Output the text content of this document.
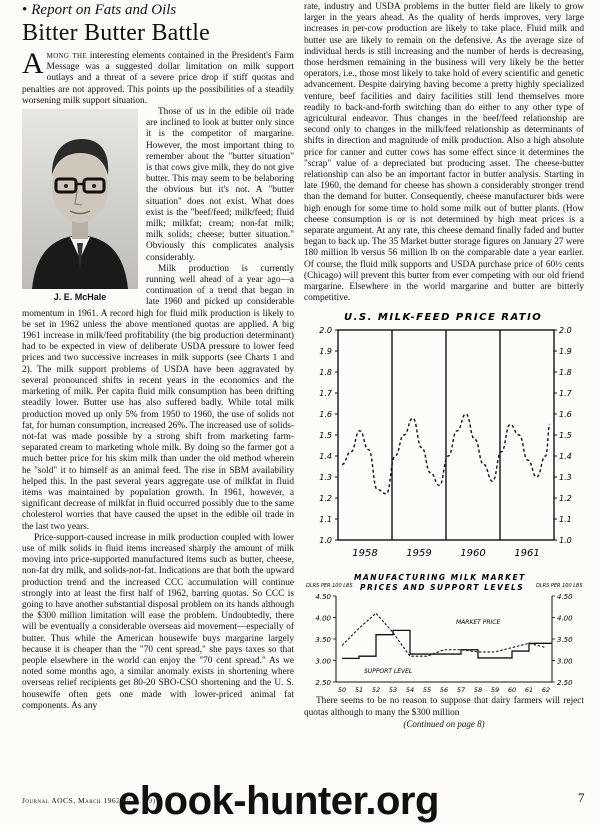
• Report on Fats and Oils
Bitter Butter Battle

Among the interesting elements contained in the President's Farm Message was a suggested dollar limitation on milk support outlays and a threat of a severe price drop if stiff quotas and penalties are not approved. This points up the possibilities of a steadily worsening milk support situation.

J. E. McHale

Those of us in the edible oil trade are inclined to look at butter only since it is the competitor of margarine. However, the most important thing to remember about the "butter situation" is that cows give milk, they do not give butter. This may seem to be belaboring the obvious but it's not. A "butter situation" does not exist. What does exist is the "beef/feed; milk/feed; fluid milk; milkfat; cream; non-fat milk; milk solids; cheese; butter situation." Obviously this complicates analysis considerably.

Milk production is currently running well ahead of a year ago—a continuation of a trend that began in late 1960 and picked up considerable momentum in 1961. A record high for fluid milk production is likely to be set in 1962 unless the above mentioned quotas are applied. A big 1961 increase in milk/feed profitability (the big production determinant) had to be expected in view of deliberate USDA pressure to lower feed prices and two successive increases in milk supports (see Charts 1 and 2). The milk support problems of USDA have been aggravated by several pronounced shifts in recent years in the economics and the marketing of milk. Per capita fluid milk consumption has been drifting steadily lower. Butter use has also suffered badly. While total milk production moved up only 5% from 1950 to 1960, the use of solids not fat, for human consumption, increased 26%. The increased use of solids-not-fat was made possible by a strong shift from marketing farm-separated cream to marketing whole milk. By doing so the farmer got a much better price for his skim milk than under the old method wherein he "sold" it to himself as an animal feed. The rise in SBM availability helped this. In the past several years aggregate use of milkfat in fluid items was maintained by population growth. In 1961, however, a significant decrease of milkfat in fluid occurred possibly due to the same cholesterol worries that have caused the upset in the edible oil trade in the last two years.

Price-support-caused increase in milk production coupled with lower use of milk solids in fluid items increased sharply the amount of milk moving into price-supported manufactured items such as butter, cheese, non-fat dry milk, and solids-not-fat. Indications are that both the upward production trend and the increased CCC accumulation will continue strongly into at least the first half of 1962, barring quotas. So CCC is going to have another substantial disposal problem on its hands although the $300 million limitation will ease the problem. Undoubtedly, there will be eventually a considerable overseas aid movement—especially of butter. Thus while the American housewife buys margarine largely because it is cheaper than the "70 cent spread," she pays taxes so that people elsewhere in the world can enjoy the "70 cent spread." As we noted some months ago, a similar anomaly exists in shortening where overseas relief recipients get 80-20 SBO-CSO shortening and the U. S. housewife often gets one made with lower-priced animal fat components. As any

rate, industry and USDA problems in the butter field are likely to grow larger in the years ahead. As the quality of herds improves, very large increases in per-cow production are likely to take place. Fluid milk and butter use are likely to remain on the defensive. As the average size of individual herds is still increasing and the number of herds is decreasing, those herdsmen remaining in the business will very likely be the better operators, i.e., those most likely to take hold of every scientific and genetic advancement. Despite dairying having become a pretty highly specialized venture, beef facilities and dairy facilities still lend themselves more readily to back-and-forth switching than do either to any other type of agricultural endeavor. Thus changes in the beef/feed relationship are second only to changes in the milk/feed relationship as determinants of shifts in direction and magnitude of milk production. Also a high absolute price for canner and cutter cows has some effect since it determines the "scrap" value of a depreciated but producing asset. The cheese-butter relationship can also be an important factor in butter analysis. Starting in late 1960, the demand for cheese has shown a considerably stronger trend than the demand for butter. Consequently, cheese manufacturer bids were high enough for some time to hold some milk out of butter plants. (How cheese consumption is or is not determined by high meat prices is a separate argument. At any rate, this cheese demand finally faded and butter began to back up. The 35 Market butter storage figures on January 27 were 180 million lb versus 56 million lb on the comparable date a year earlier. Of course, the fluid milk supports and USDA purchase price of 60½ cents (Chicago) will prevent this butter from ever competing with our old friend margarine. Elsewhere in the world margarine and butter are bitterly competitive.

U.S. MILK-FEED PRICE RATIO
2.0
1.9
1.8
1.7
1.6
1.5
1.4
1.3
1.2
1.1
1.0
2.0
1.9
1.8
1.7
1.6
1.5
1.4
1.3
1.2
1.1
1.0
1958	1959	1960	1961
MANUFACTURING MILK MARKET
PRICES AND SUPPORT LEVELS
DLRS PER 100 LBS	DLRS PER 100 LBS
4.50
4.00
3.50
3.00
2.50
4.50
4.00
3.50
3.00
2.50
50 51 52 53 54 55 56 57 58 59 60 61 62
MARKET PRICE
SUPPORT LEVEL

There seems to be no reason to suppose that dairy farmers will reject quotas although to many the $300 million

(Continued on page 8)
Journal AOCS, March 1962 (Vol. 39)	7
ebook-hunter.org
